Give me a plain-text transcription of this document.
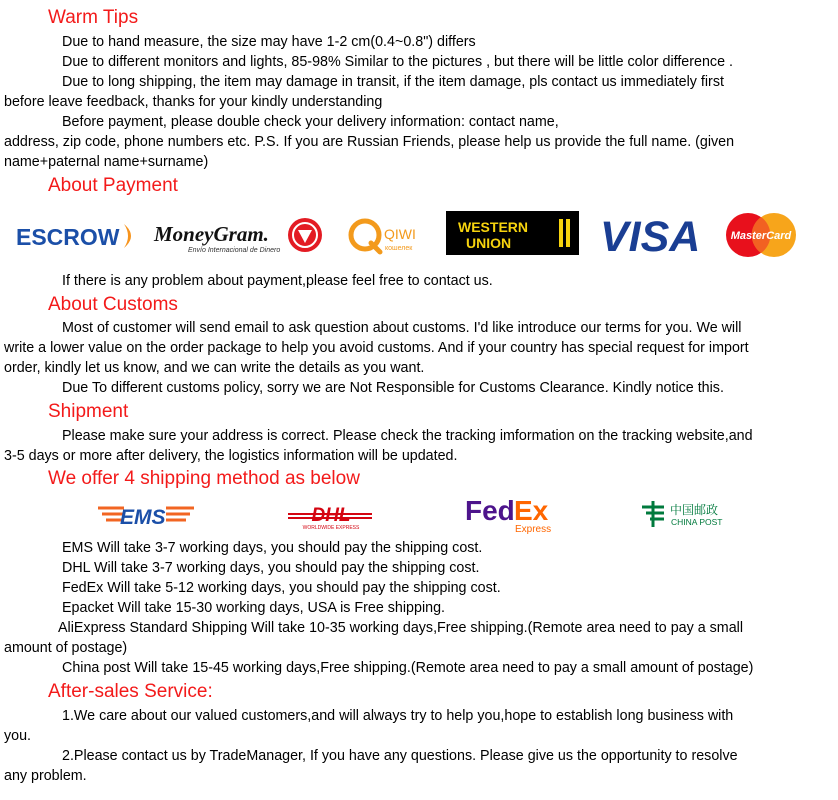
Warm Tips

Due to hand measure, the size may have 1-2 cm(0.4~0.8") differs

Due to different monitors and lights, 85-98% Similar to the pictures , but there will be little color difference .

Due to long shipping, the item may damage in transit, if the item damage, pls contact us immediately first

before leave feedback, thanks for your kindly understanding

Before payment, please double check your delivery information: contact name,

address, zip code, phone numbers etc. P.S. If you are Russian Friends, please help us provide the full name. (given

name+paternal name+surname)

About Payment
ESCROW MoneyGram.
Envío Internacional de Dinero
QIWI
кошелек
WESTERN
UNION VISA	MasterCard

If there is any problem about payment,please feel free to contact us.

About Customs

Most of customer will send email to ask question about customs. I'd like introduce our terms for you. We will

write a lower value on the order package to help you avoid customs. And if your country has special request for import

order, kindly let us know, and we can write the details as you want.

Due To different customs policy, sorry we are Not Responsible for Customs Clearance. Kindly notice this.

Shipment

Please make sure your address is correct. Please check the tracking imformation on the tracking website,and

3-5 days or more after delivery, the logistics information will be updated.

We offer 4 shipping method as below
EMS	DHL
WORLDWIDE EXPRESS
Fed Ex
Express
中国邮政
CHINA POST

EMS Will take 3-7 working days, you should pay the shipping cost.

DHL Will take 3-7 working days, you should pay the shipping cost.

FedEx Will take 5-12 working days, you should pay the shipping cost.

Epacket Will take 15-30 working days, USA is Free shipping.

AliExpress Standard Shipping Will take 10-35 working days,Free shipping.(Remote area need to pay a small

amount of postage)

China post Will take 15-45 working days,Free shipping.(Remote area need to pay a small amount of postage)

After-sales Service:

1.We care about our valued customers,and will always try to help you,hope to establish long business with

you.

2.Please contact us by TradeManager, If you have any questions. Please give us the opportunity to resolve

any problem.
